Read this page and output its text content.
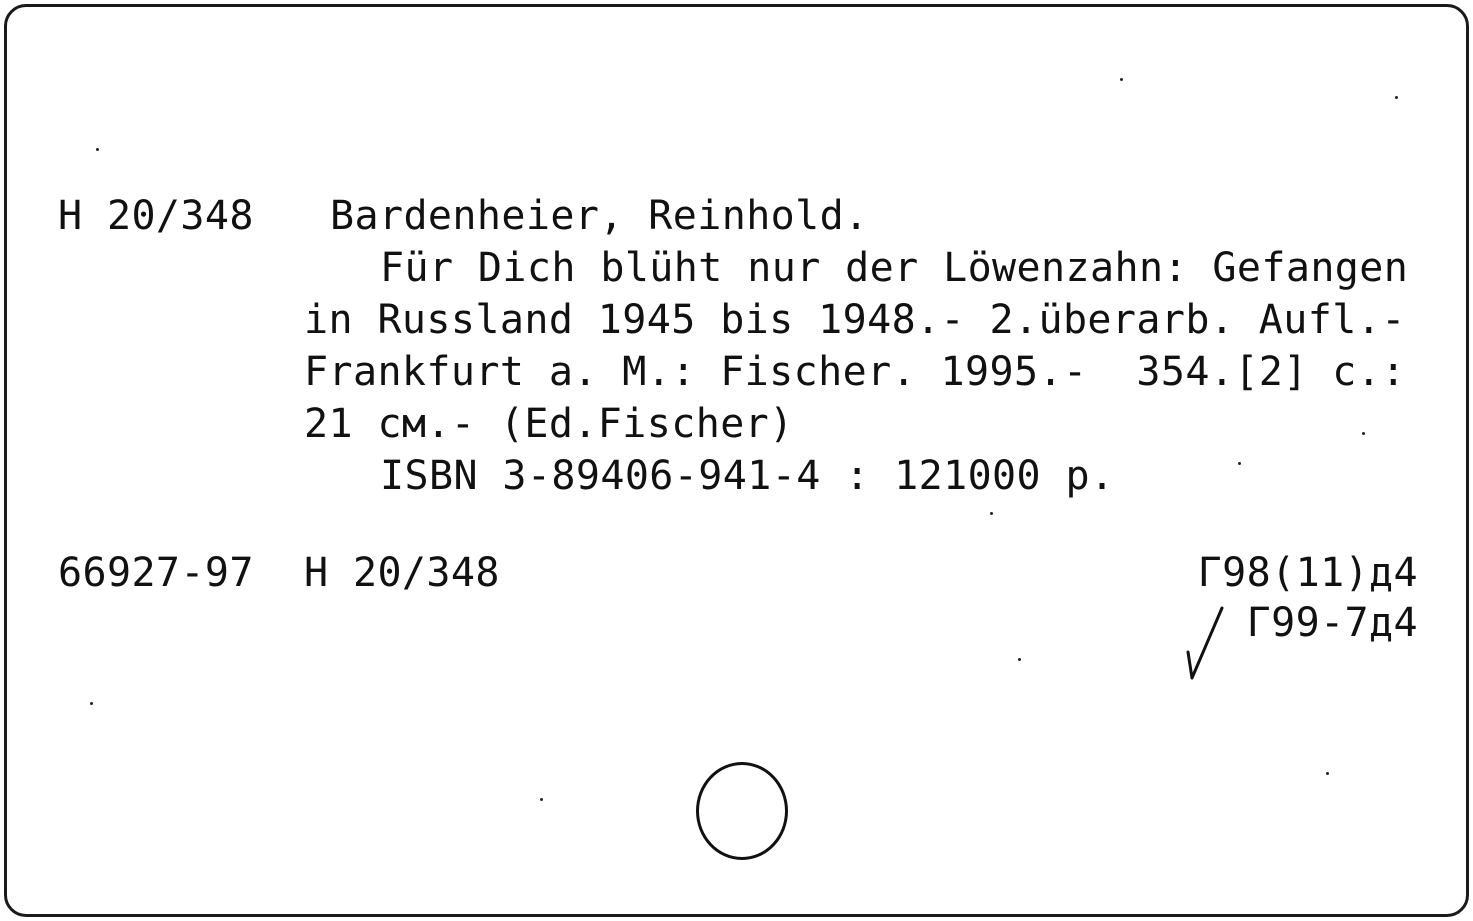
H 20/348 Bardenheier, Reinhold.
Für Dich blüht nur der Löwenzahn: Gefangen
in Russland 1945 bis 1948.- 2.überarb. Aufl.-
Frankfurt a. M.: Fischer. 1995.-  354.[2] c.:
21 см.- (Ed.Fischer)
ISBN 3-89406-941-4 : 121000 р.
66927-97 H 20/348	Г98(11)д4
Г99-7д4
